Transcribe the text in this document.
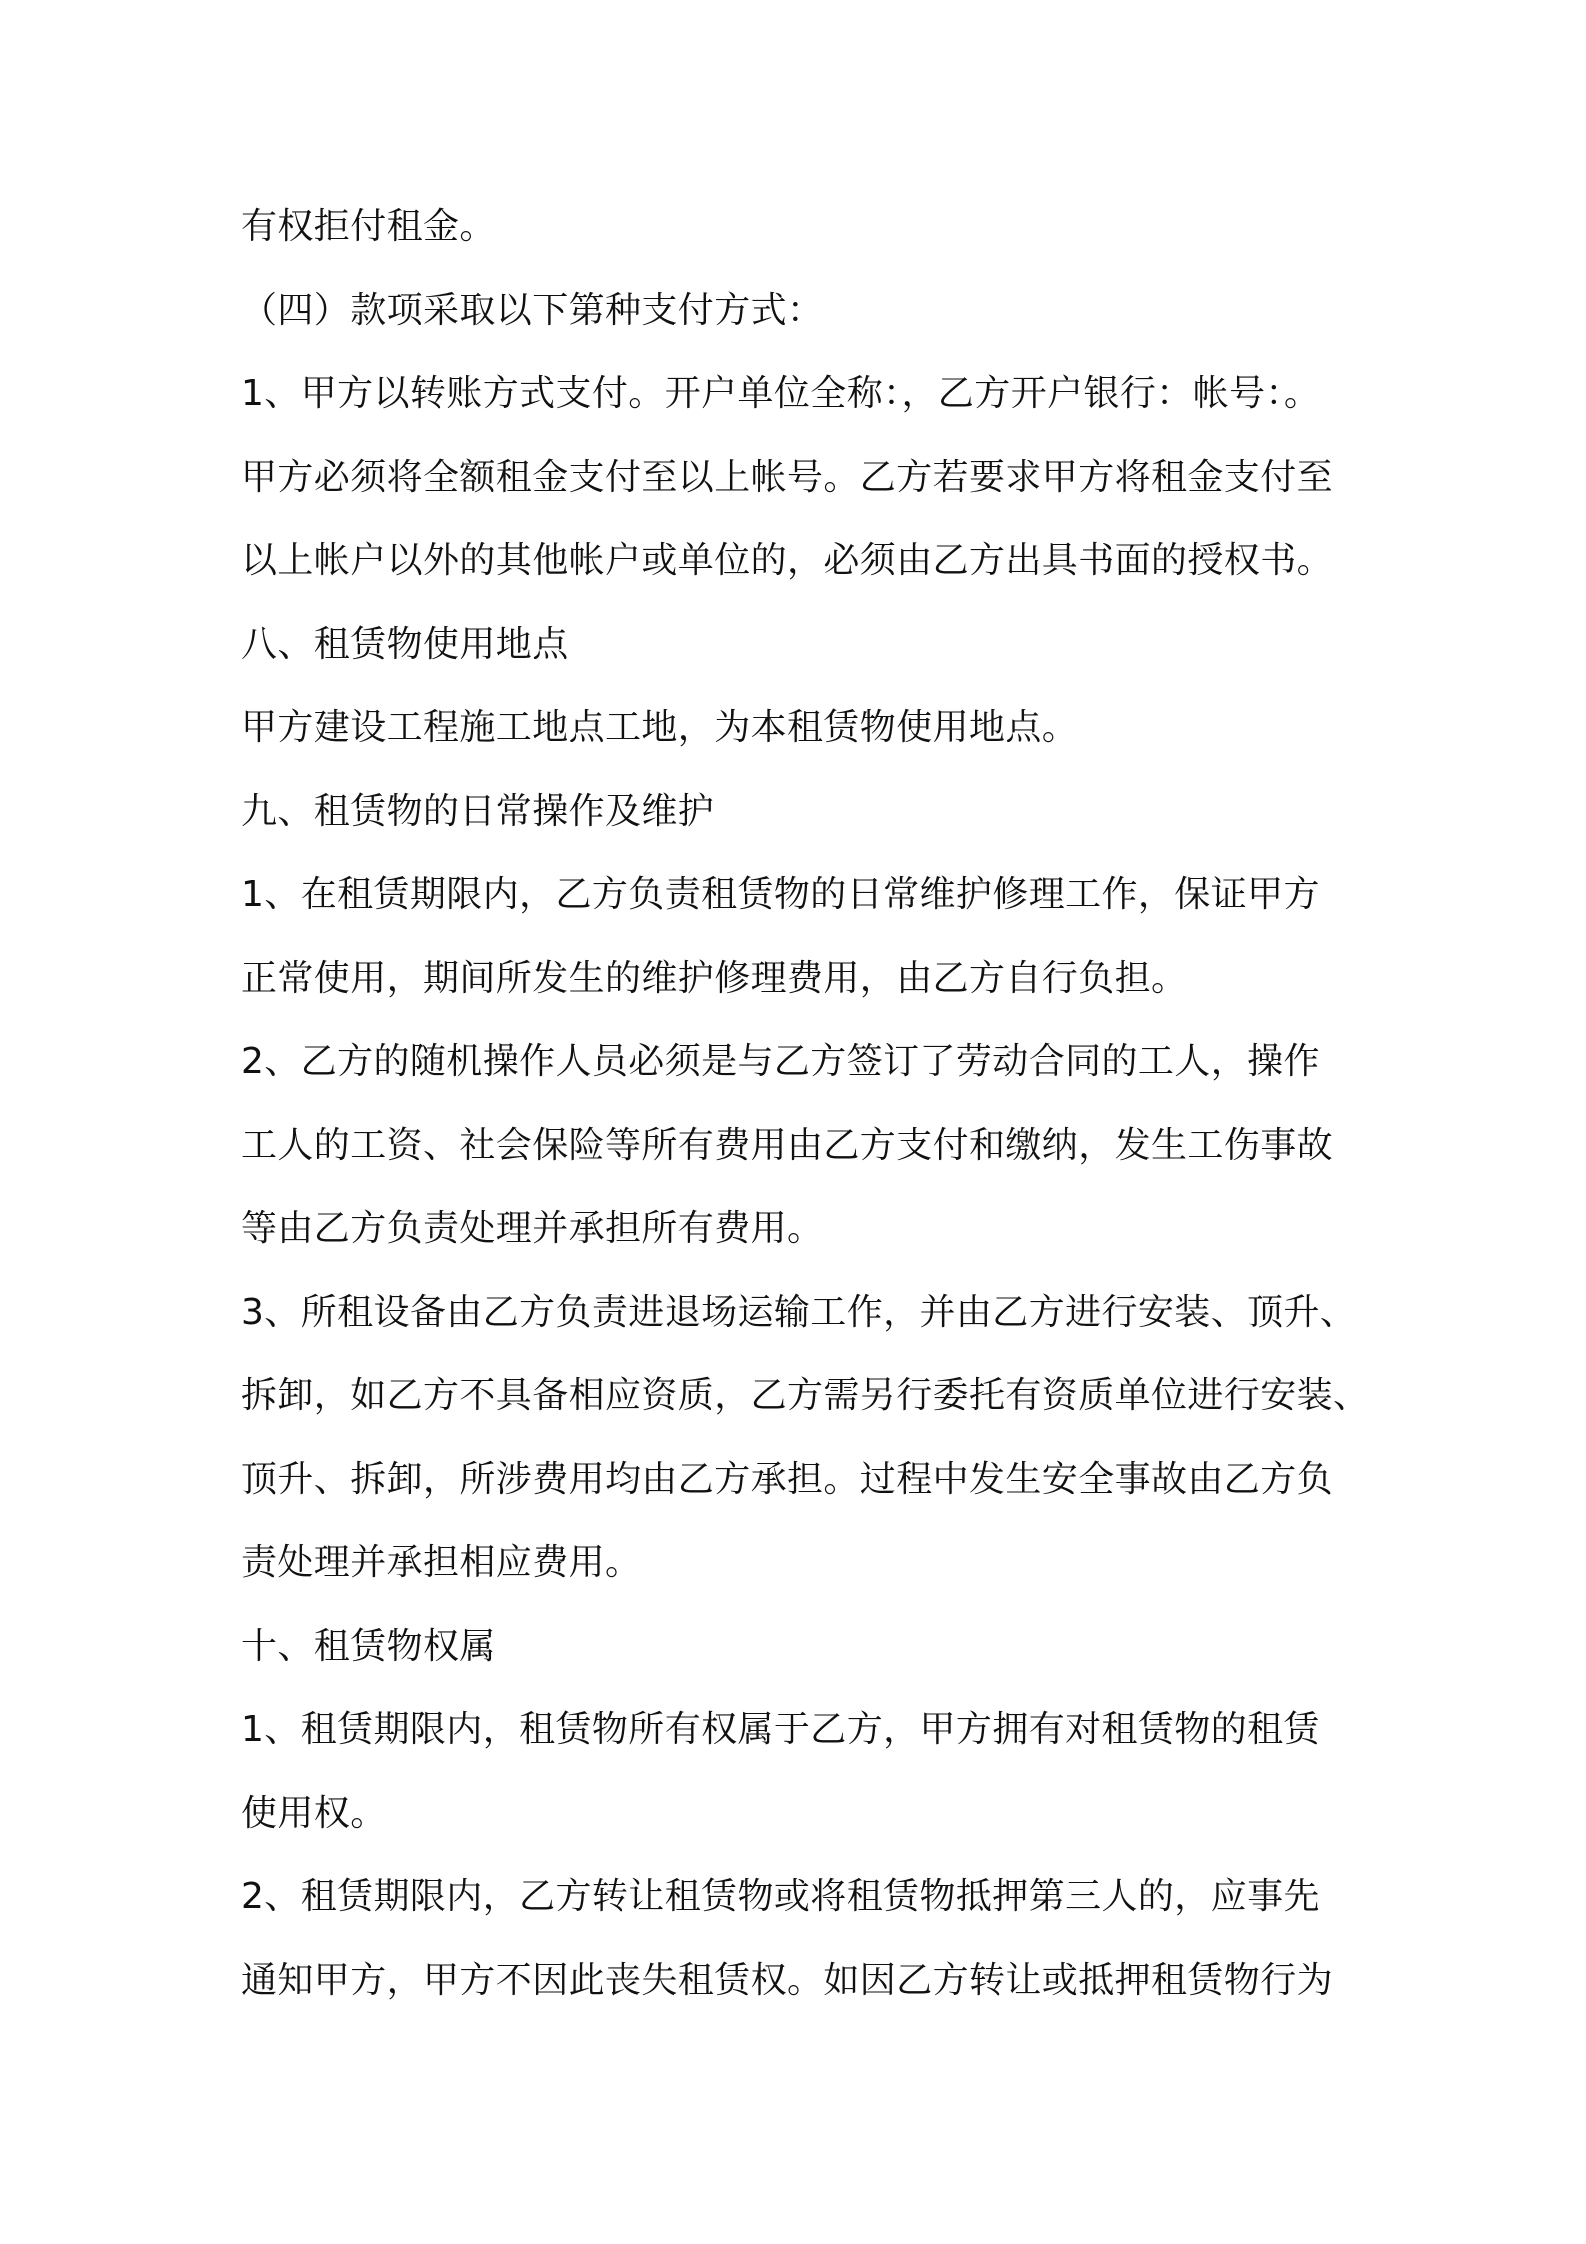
有权拒付租金。
（四）款项采取以下第种支付方式：
1、甲方以转账方式支付。开户单位全称：，乙方开户银行：帐号：。
甲方必须将全额租金支付至以上帐号。乙方若要求甲方将租金支付至
以上帐户以外的其他帐户或单位的，必须由乙方出具书面的授权书。
八、租赁物使用地点
甲方建设工程施工地点工地，为本租赁物使用地点。
九、租赁物的日常操作及维护
1、在租赁期限内，乙方负责租赁物的日常维护修理工作，保证甲方
正常使用，期间所发生的维护修理费用，由乙方自行负担。
2、乙方的随机操作人员必须是与乙方签订了劳动合同的工人，操作
工人的工资、社会保险等所有费用由乙方支付和缴纳，发生工伤事故
等由乙方负责处理并承担所有费用。
3、所租设备由乙方负责进退场运输工作，并由乙方进行安装、顶升、
拆卸，如乙方不具备相应资质，乙方需另行委托有资质单位进行安装、
顶升、拆卸，所涉费用均由乙方承担。过程中发生安全事故由乙方负
责处理并承担相应费用。
十、租赁物权属
1、租赁期限内，租赁物所有权属于乙方，甲方拥有对租赁物的租赁
使用权。
2、租赁期限内，乙方转让租赁物或将租赁物抵押第三人的，应事先
通知甲方，甲方不因此丧失租赁权。如因乙方转让或抵押租赁物行为
